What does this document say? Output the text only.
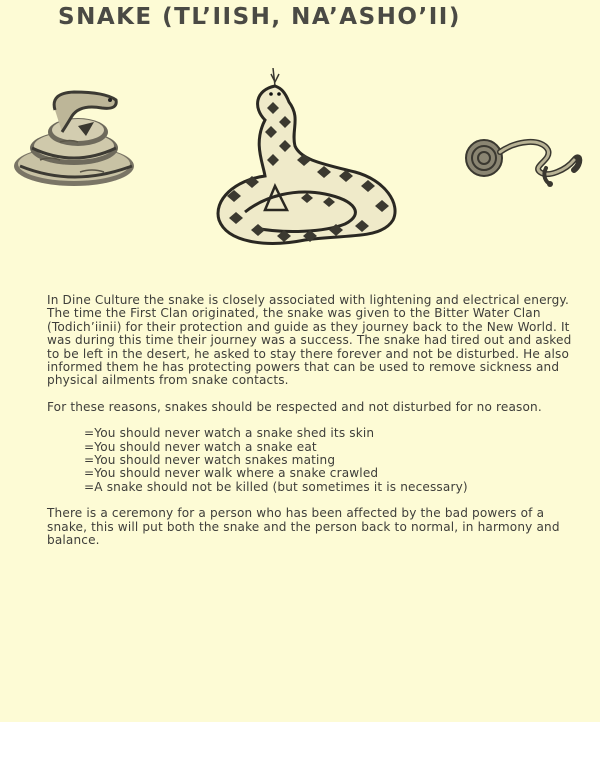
SNAKE (TL’IISH, NA’ASHO’II)

In Dine Culture the snake is closely associated with lightening and electrical energy. The time the First Clan originated, the snake was given to the Bitter Water Clan (Todich’iinii) for their protection and guide as they journey back to the New World. It was during this time their journey was a success. The snake had tired out and asked to be left in the desert, he asked to stay there forever and not be disturbed. He also informed them he has protecting powers that can be used to remove sickness and physical ailments from snake contacts.

For these reasons, snakes should be respected and not disturbed for no reason.

=You should never watch a snake shed its skin
=You should never watch a snake eat
=You should never watch snakes mating
=You should never walk where a snake crawled
=A snake should not be killed (but sometimes it is necessary)

There is a ceremony for a person who has been affected by the bad powers of a snake, this will put both the snake and the person back to normal, in harmony and balance.
